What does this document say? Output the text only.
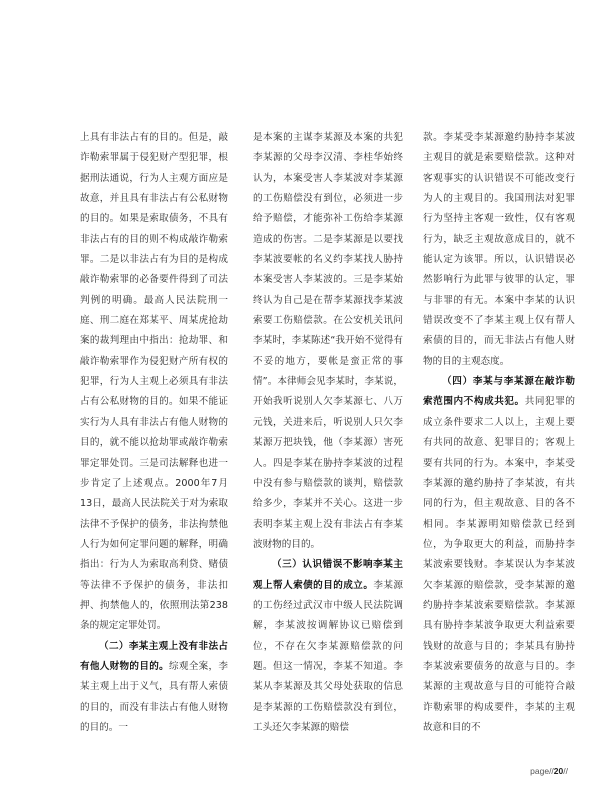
上具有非法占有的目的。但是，敲诈勒索罪属于侵犯财产型犯罪，根据刑法通说，行为人主观方面应是故意，并且具有非法占有公私财物的目的。如果是索取债务，不具有非法占有的目的则不构成敲诈勒索罪。二是以非法占有为目的是构成敲诈勒索罪的必备要件得到了司法判例的明确。最高人民法院刑一庭、刑二庭在郑某平、周某虎抢劫案的裁判理由中指出：抢劫罪、和敲诈勒索罪作为侵犯财产所有权的犯罪，行为人主观上必须具有非法占有公私财物的目的。如果不能证实行为人具有非法占有他人财物的目的，就不能以抢劫罪或敲诈勒索罪定罪处罚。三是司法解释也进一步肯定了上述观点。2000年7月13日，最高人民法院关于对为索取法律不予保护的债务，非法拘禁他人行为如何定罪问题的解释，明确指出：行为人为索取高利贷、赌债等法律不予保护的债务，非法扣押、拘禁他人的，依照刑法第238条的规定定罪处罚。

（二）李某主观上没有非法占有他人财物的目的。综观全案，李某主观上出于义气，具有帮人索债的目的，而没有非法占有他人财物的目的。一

是本案的主谋李某源及本案的共犯李某源的父母李汉清、李桂华始终认为，本案受害人李某波对李某源的工伤赔偿没有到位，必须进一步给予赔偿，才能弥补工伤给李某源造成的伤害。二是李某源是以要找李某波要帐的名义约李某找人胁持本案受害人李某波的。三是李某始终认为自己是在帮李某源找李某波索要工伤赔偿款。在公安机关讯问李某时，李某陈述“我开始不觉得有不妥的地方，要帐是蛮正常的事情”。本律师会见李某时，李某说，开始我听说别人欠李某源七、八万元钱，关进来后，听说别人只欠李某源万把块钱，他（李某源）害死人。四是李某在胁持李某波的过程中没有参与赔偿款的谈判，赔偿款给多少，李某并不关心。这进一步表明李某主观上没有非法占有李某波财物的目的。

（三）认识错误不影响李某主观上帮人索债的目的成立。李某源的工伤经过武汉市中级人民法院调解，李某波按调解协议已赔偿到位，不存在欠李某源赔偿款的问题。但这一情况，李某不知道。李某从李某源及其父母处获取的信息是李某源的工伤赔偿款没有到位，工头还欠李某源的赔偿

款。李某受李某源邀约胁持李某波主观目的就是索要赔偿款。这种对客观事实的认识错误不可能改变行为人的主观目的。我国刑法对犯罪行为坚持主客观一致性，仅有客观行为，缺乏主观故意成目的，就不能认定为该罪。所以，认识错误必然影响行为此罪与彼罪的认定，罪与非罪的有无。本案中李某的认识错误改变不了李某主观上仅有帮人索债的目的，而无非法占有他人财物的目的主观态度。

（四）李某与李某源在敲诈勒索范围内不构成共犯。共同犯罪的成立条件要求二人以上，主观上要有共同的故意、犯罪目的；客观上要有共同的行为。本案中，李某受李某源的邀约胁持了李某波，有共同的行为，但主观故意、目的各不相同。李某源明知赔偿款已经到位，为争取更大的利益，而胁持李某波索要钱财。李某误认为李某波欠李某源的赔偿款，受李某源的邀约胁持李某波索要赔偿款。李某源具有胁持李某波争取更大利益索要钱财的故意与目的；李某具有胁持李某波索要债务的故意与目的。李某源的主观故意与目的可能符合敲诈勒索罪的构成要件，李某的主观故意和目的不

page//20//
